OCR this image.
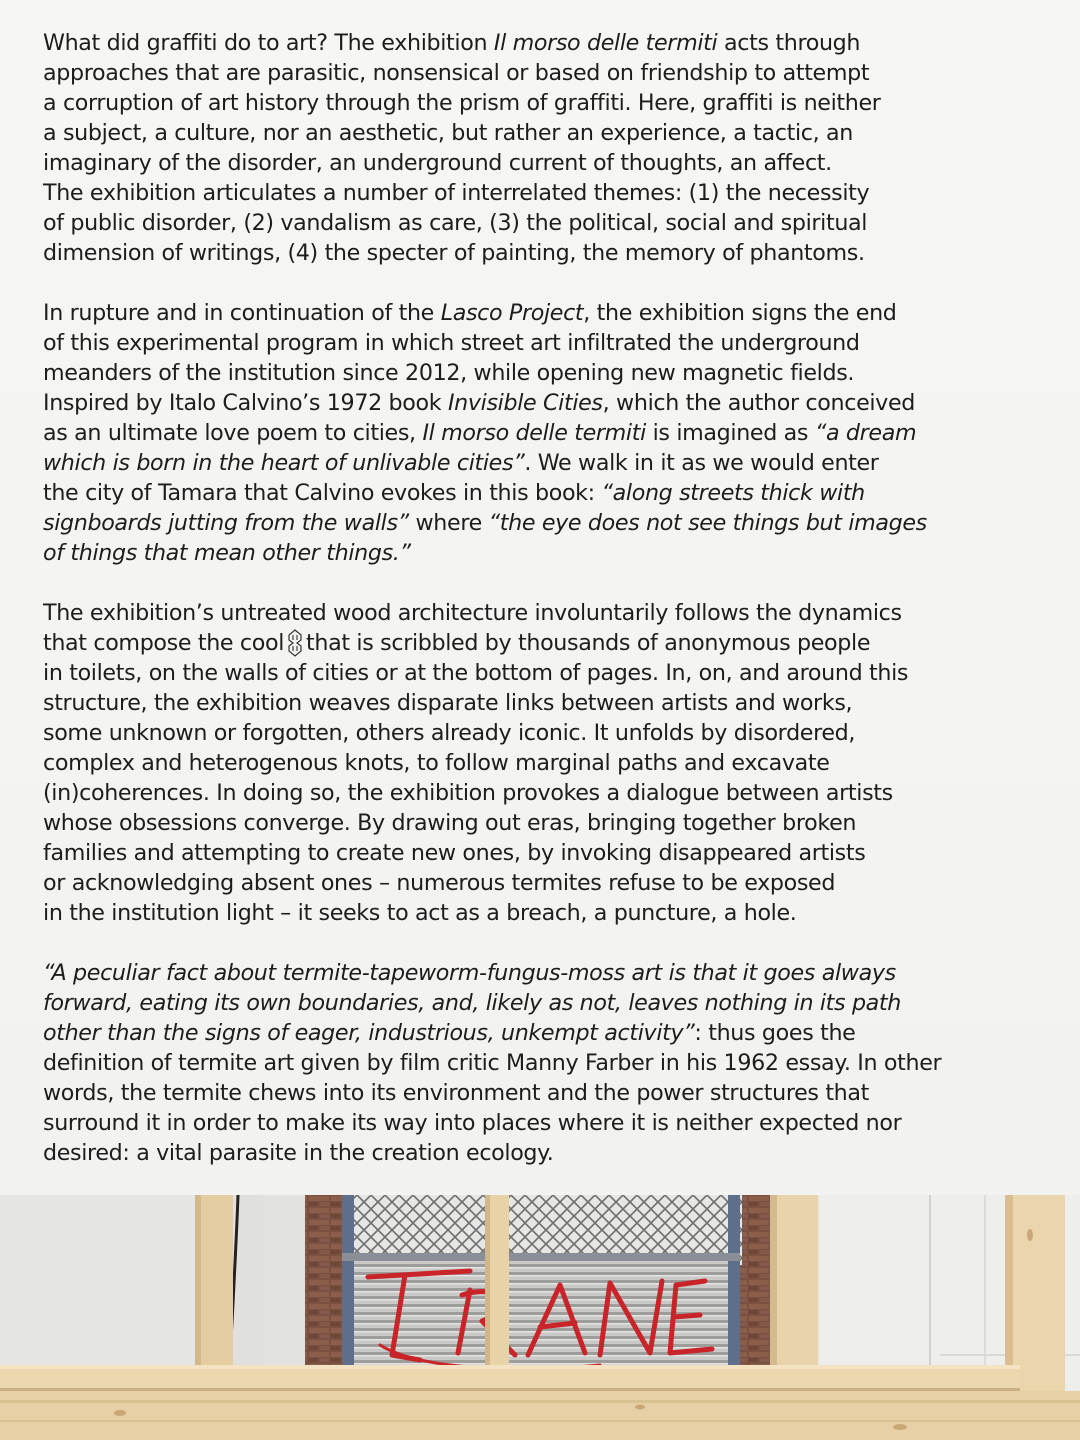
What did graffiti do to art? The exhibition Il morso delle termiti acts through
approaches that are parasitic, nonsensical or based on friendship to attempt
a corruption of art history through the prism of graffiti. Here, graffiti is neither
a subject, a culture, nor an aesthetic, but rather an experience, a tactic, an
imaginary of the disorder, an underground current of thoughts, an affect.
The exhibition articulates a number of interrelated themes: (1) the necessity
of public disorder, (2) vandalism as care, (3) the political, social and spiritual
dimension of writings, (4) the specter of painting, the memory of phantoms.

In rupture and in continuation of the Lasco Project, the exhibition signs the end
of this experimental program in which street art infiltrated the underground
meanders of the institution since 2012, while opening new magnetic fields.
Inspired by Italo Calvino’s 1972 book Invisible Cities, which the author conceived
as an ultimate love poem to cities, Il morso delle termiti is imagined as “a dream
which is born in the heart of unlivable cities”. We walk in it as we would enter
the city of Tamara that Calvino evokes in this book: “along streets thick with
signboards jutting from the walls” where “the eye does not see things but images
of things that mean other things.”

The exhibition’s untreated wood architecture involuntarily follows the dynamics
that compose the cool that is scribbled by thousands of anonymous people
in toilets, on the walls of cities or at the bottom of pages. In, on, and around this
structure, the exhibition weaves disparate links between artists and works,
some unknown or forgotten, others already iconic. It unfolds by disordered,
complex and heterogenous knots, to follow marginal paths and excavate
(in)coherences. In doing so, the exhibition provokes a dialogue between artists
whose obsessions converge. By drawing out eras, bringing together broken
families and attempting to create new ones, by invoking disappeared artists
or acknowledging absent ones – numerous termites refuse to be exposed
in the institution light – it seeks to act as a breach, a puncture, a hole.

“A peculiar fact about termite-tapeworm-fungus-moss art is that it goes always
forward, eating its own boundaries, and, likely as not, leaves nothing in its path
other than the signs of eager, industrious, unkempt activity”: thus goes the
definition of termite art given by film critic Manny Farber in his 1962 essay. In other
words, the termite chews into its environment and the power structures that
surround it in order to make its way into places where it is neither expected nor
desired: a vital parasite in the creation ecology.
